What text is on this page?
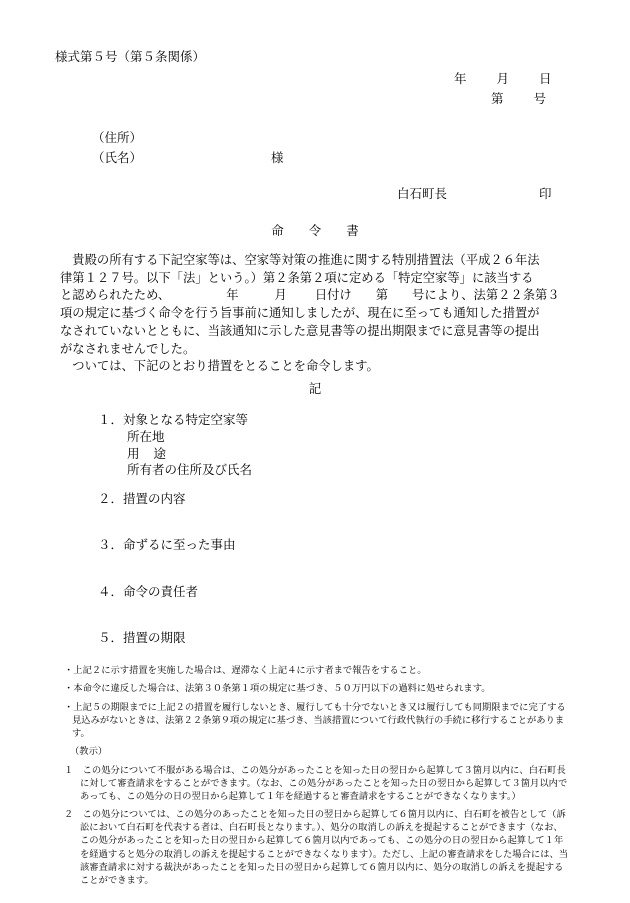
様式第５号（第５条関係）
年 月 日
第 号
（住所）
（氏名）	様
白石町長	印
命　　令　　書

　貴殿の所有する下記空家等は、空家等対策の推進に関する特別措置法（平成２６年法

律第１２７号。以下「法」という。）第２条第２項に定める「特定空家等」に該当する

と認められたため、	年	月 日付け 第 号により、法第２２条第３

項の規定に基づく命令を行う旨事前に通知しましたが、現在に至っても通知した措置が

なされていないとともに、当該通知に示した意見書等の提出期限までに意見書等の提出

がなされませんでした。

　ついては、下記のとおり措置をとることを命令します。

記
１．対象となる特定空家等
所在地
用 途
所有者の住所及び氏名
２．措置の内容
３．命ずるに至った事由
４．命令の責任者
５．措置の期限

・上記２に示す措置を実施した場合は、遅滞なく上記４に示す者まで報告をすること。

・本命令に違反した場合は、法第３０条第１項の規定に基づき、５０万円以下の過料に処せられます。

・上記５の期限までに上記２の措置を履行しないとき、履行しても十分でないとき又は履行しても同期限までに完了する見込みがないときは、法第２２条第９項の規定に基づき、当該措置について行政代執行の手続に移行することがあります。

（教示）

１　この処分について不服がある場合は、この処分があったことを知った日の翌日から起算して３箇月以内に、白石町長に対して審査請求をすることができます。（なお、この処分があったことを知った日の翌日から起算して３箇月以内であっても、この処分の日の翌日から起算して１年を経過すると審査請求をすることができなくなります。）

２　この処分については、この処分のあったことを知った日の翌日から起算して６箇月以内に、白石町を被告として（訴訟において白石町を代表する者は、白石町長となります。）、処分の取消しの訴えを提起することができます（なお、この処分があったことを知った日の翌日から起算して６箇月以内であっても、この処分の日の翌日から起算して１年を経過すると処分の取消しの訴えを提起することができなくなります）。ただし、上記の審査請求をした場合には、当該審査請求に対する裁決があったことを知った日の翌日から起算して６箇月以内に、処分の取消しの訴えを提起することができます。
